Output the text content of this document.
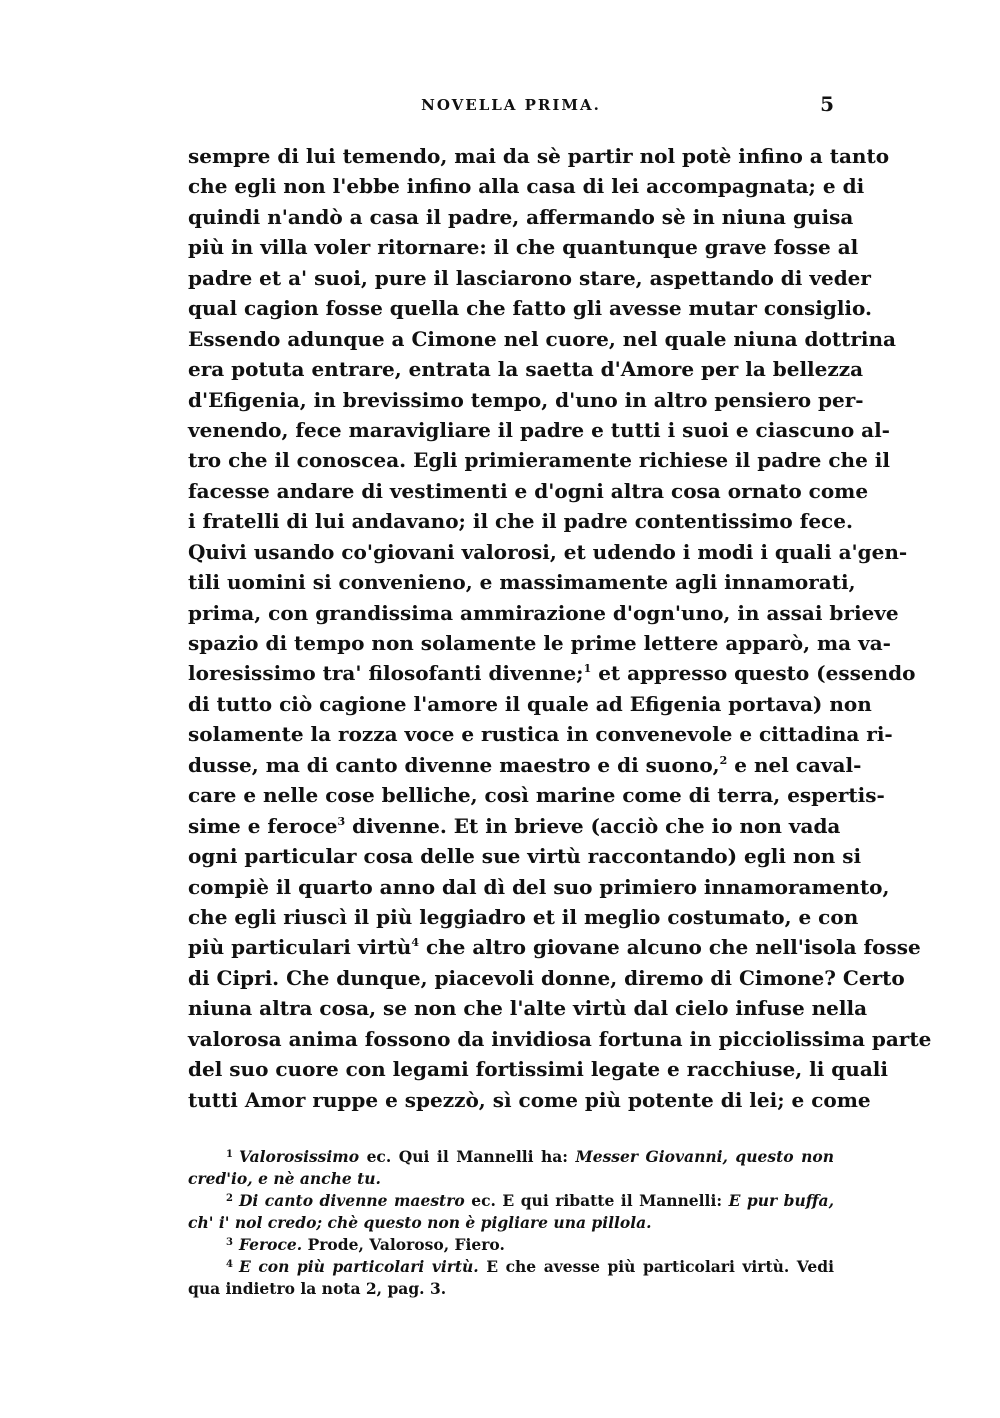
NOVELLA PRIMA.	5
sempre di lui temendo, mai da sè partir nol potè infino a tanto
che egli non l'ebbe infino alla casa di lei accompagnata; e di
quindi n'andò a casa il padre, affermando sè in niuna guisa
più in villa voler ritornare: il che quantunque grave fosse al
padre et a' suoi, pure il lasciarono stare, aspettando di veder
qual cagion fosse quella che fatto gli avesse mutar consiglio.
Essendo adunque a Cimone nel cuore, nel quale niuna dottrina
era potuta entrare, entrata la saetta d'Amore per la bellezza
d'Efigenia, in brevissimo tempo, d'uno in altro pensiero per-
venendo, fece maravigliare il padre e tutti i suoi e ciascuno al-
tro che il conoscea. Egli primieramente richiese il padre che il
facesse andare di vestimenti e d'ogni altra cosa ornato come
i fratelli di lui andavano; il che il padre contentissimo fece.
Quivi usando co'giovani valorosi, et udendo i modi i quali a'gen-
tili uomini si convenieno, e massimamente agli innamorati,
prima, con grandissima ammirazione d'ogn'uno, in assai brieve
spazio di tempo non solamente le prime lettere apparò, ma va-
loresissimo tra' filosofanti divenne;$^1$ et appresso questo (essendo
di tutto ciò cagione l'amore il quale ad Efigenia portava) non
solamente la rozza voce e rustica in convenevole e cittadina ri-
dusse, ma di canto divenne maestro e di suono,$^2$ e nel caval-
care e nelle cose belliche, così marine come di terra, espertis-
sime e feroce$^3$ divenne. Et in brieve (acciò che io non vada
ogni particular cosa delle sue virtù raccontando) egli non si
compiè il quarto anno dal dì del suo primiero innamoramento,
che egli riuscì il più leggiadro et il meglio costumato, e con
più particulari virtù$^4$ che altro giovane alcuno che nell'isola fosse
di Cipri. Che dunque, piacevoli donne, diremo di Cimone? Certo
niuna altra cosa, se non che l'alte virtù dal cielo infuse nella
valorosa anima fossono da invidiosa fortuna in picciolissima parte
del suo cuore con legami fortissimi legate e racchiuse, li quali
tutti Amor ruppe e spezzò, sì come più potente di lei; e come
$^1$ Valorosissimo ec. Qui il Mannelli ha: Messer Giovanni, questo non
cred'io, e nè anche tu.
$^2$ Di canto divenne maestro ec. E qui ribatte il Mannelli: E pur buffa,
ch' i' nol credo; chè questo non è pigliare una pillola.
$^3$ Feroce. Prode, Valoroso, Fiero.
$^4$ E con più particolari virtù. E che avesse più particolari virtù. Vedi
qua indietro la nota 2, pag. 3.
